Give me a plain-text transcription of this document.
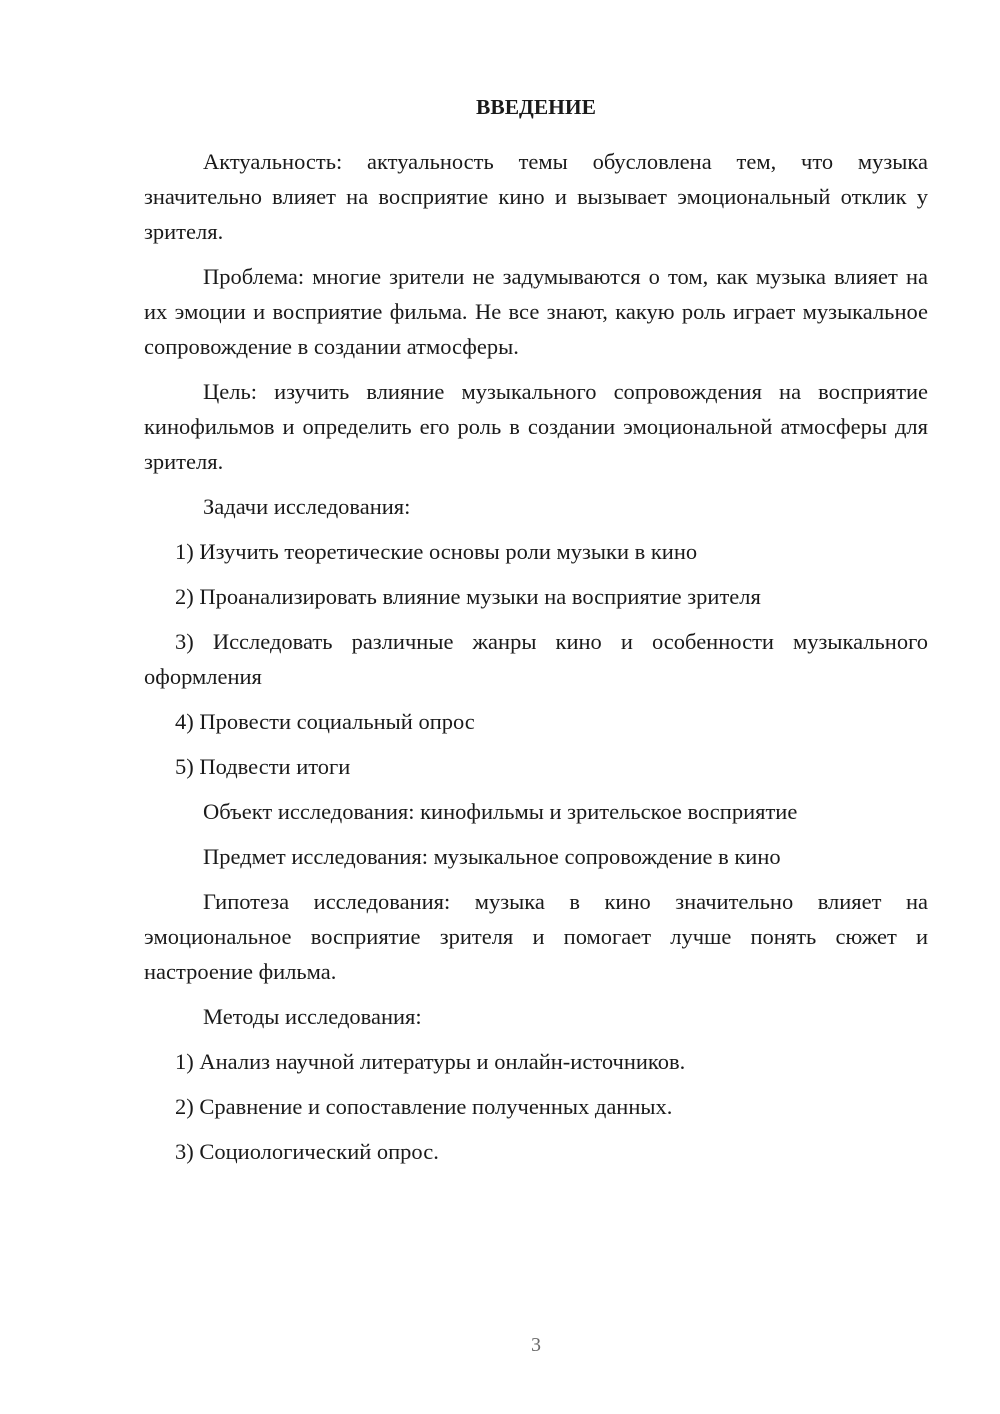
ВВЕДЕНИЕ

Актуальность: актуальность темы обусловлена тем, что музыка значительно влияет на восприятие кино и вызывает эмоциональный отклик у зрителя.

Проблема: многие зрители не задумываются о том, как музыка влияет на их эмоции и восприятие фильма. Не все знают, какую роль играет музыкальное сопровождение в создании атмосферы.

Цель: изучить влияние музыкального сопровождения на восприятие кинофильмов и определить его роль в создании эмоциональной атмосферы для зрителя.

Задачи исследования:

1) Изучить теоретические основы роли музыки в кино

2) Проанализировать влияние музыки на восприятие зрителя

3) Исследовать различные жанры кино и особенности музыкального оформления

4) Провести социальный опрос

5) Подвести итоги

Объект исследования: кинофильмы и зрительское восприятие

Предмет исследования: музыкальное сопровождение в кино

Гипотеза исследования: музыка в кино значительно влияет на эмоциональное восприятие зрителя и помогает лучше понять сюжет и настроение фильма.

Методы исследования:

1) Анализ научной литературы и онлайн-источников.

2) Сравнение и сопоставление полученных данных.

3) Социологический опрос.

3
